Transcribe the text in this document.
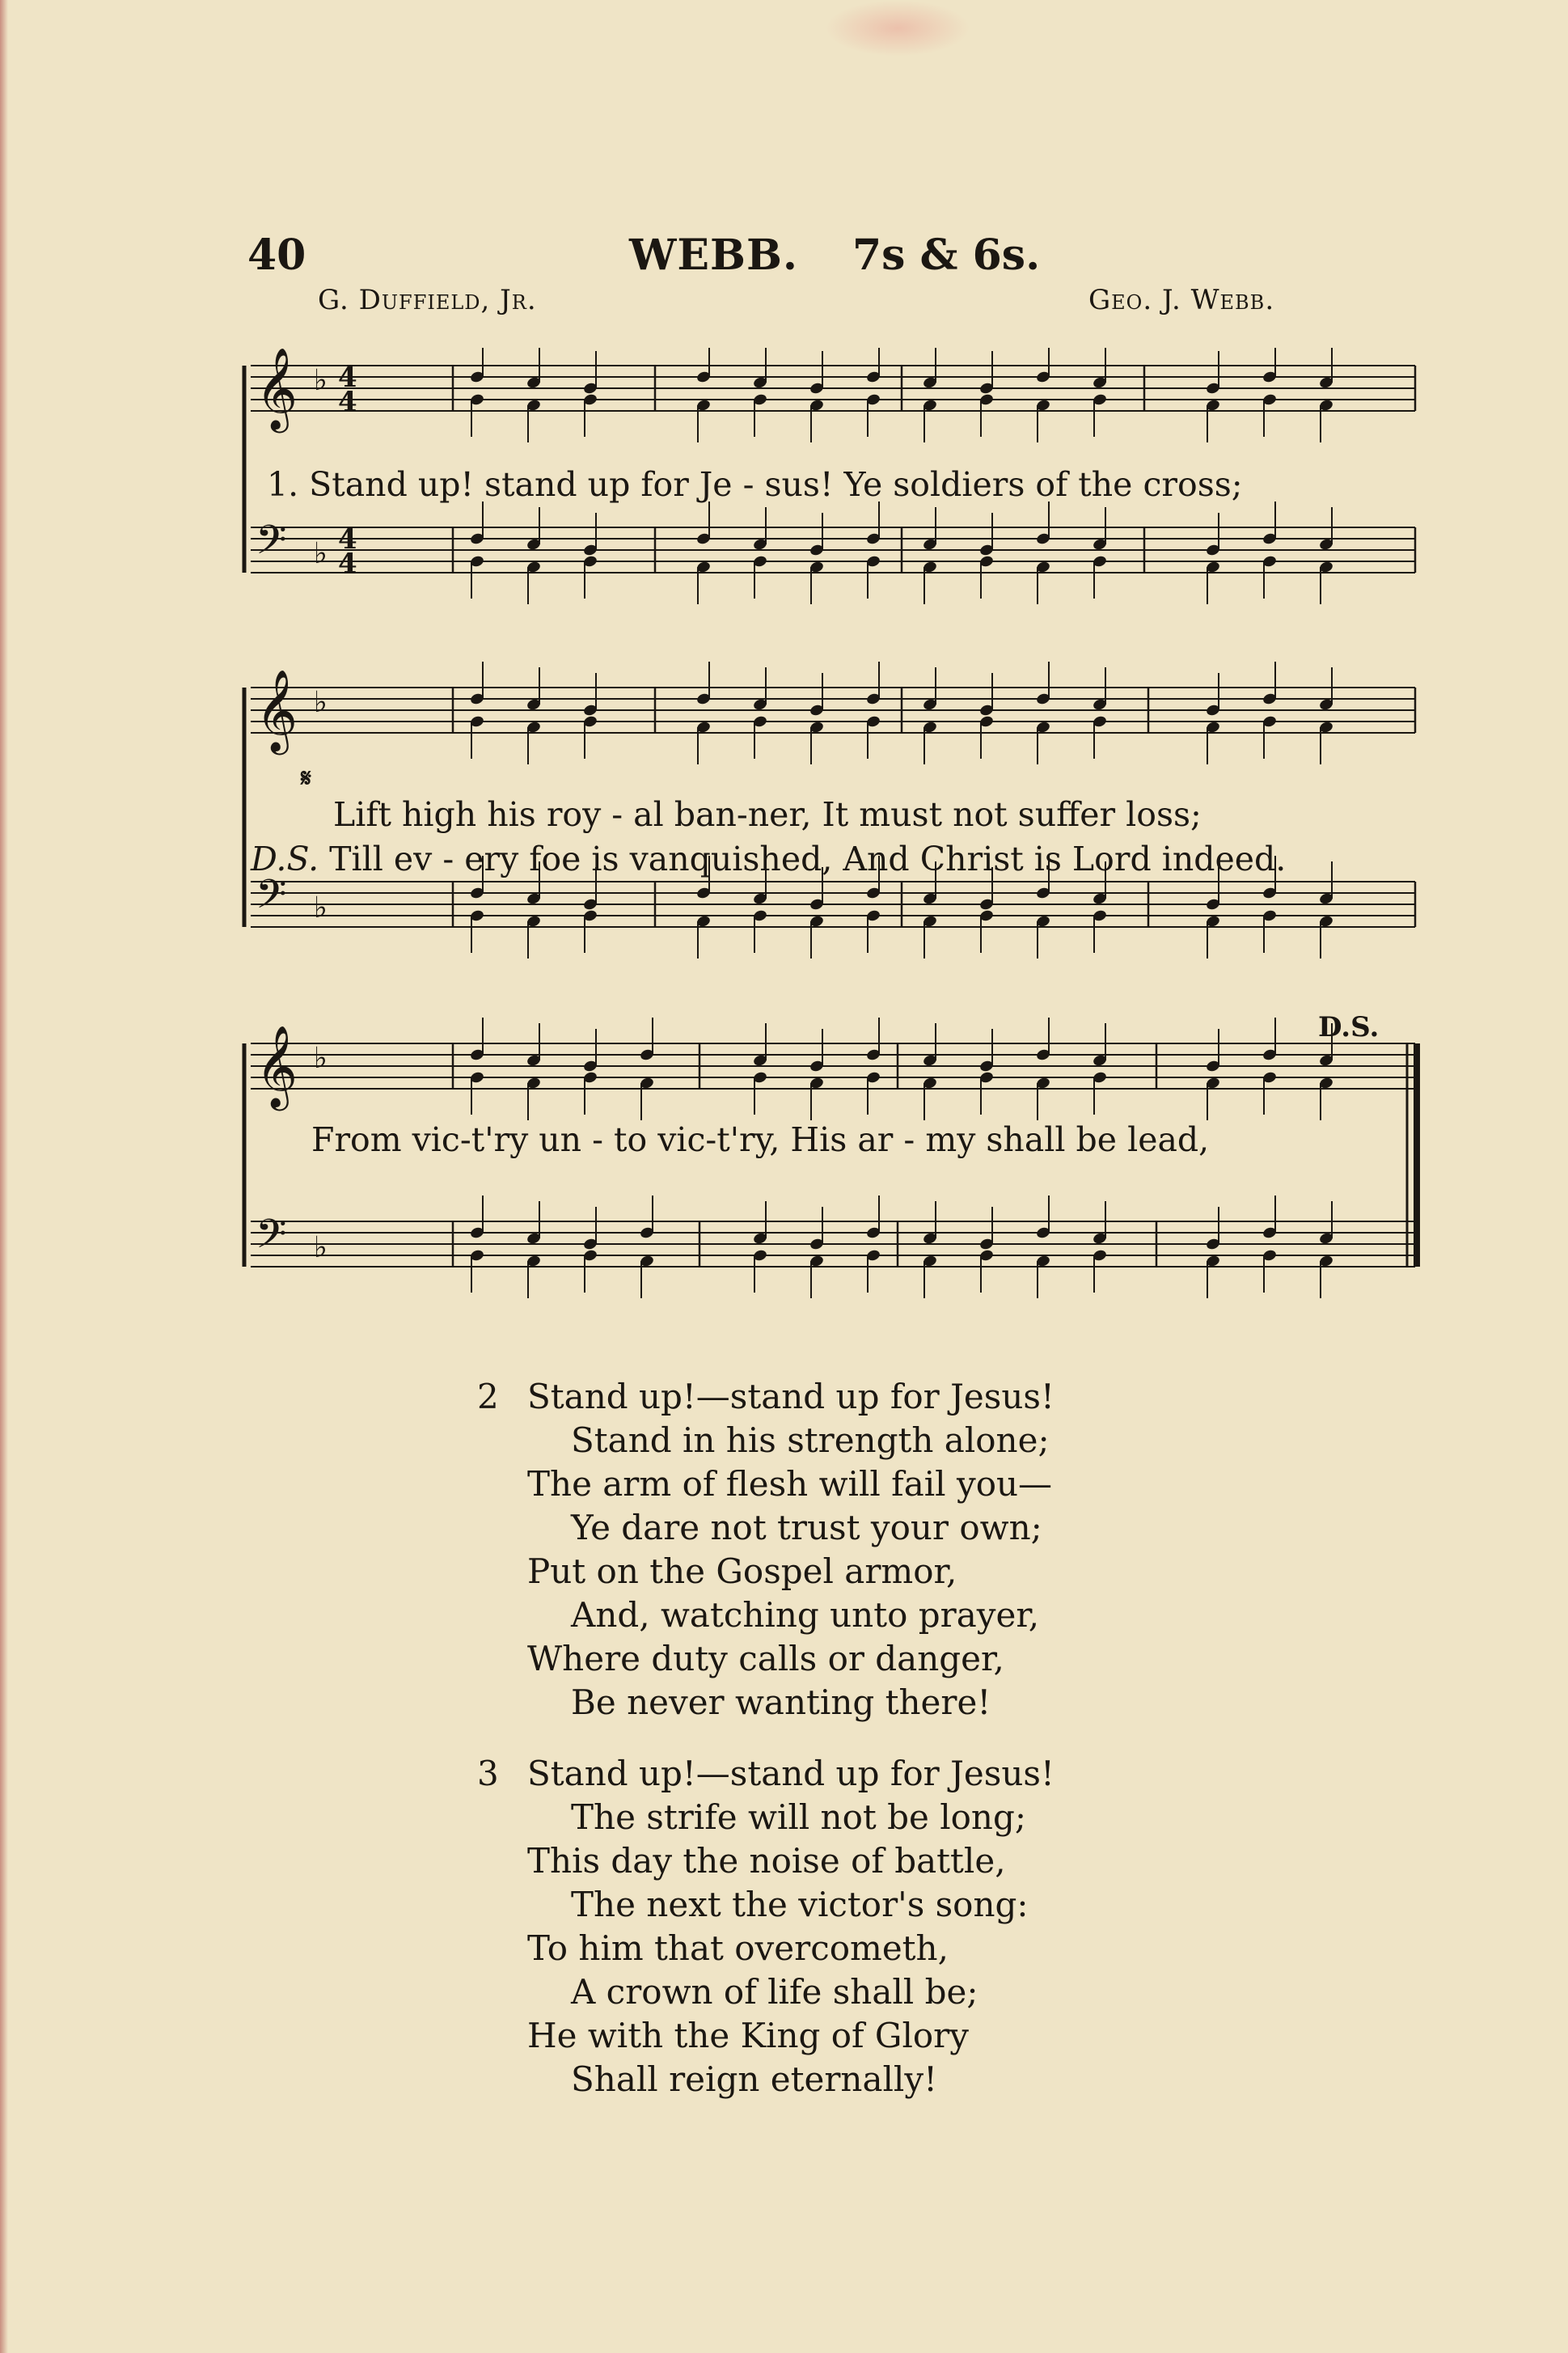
40	WEBB. 7s & 6s.
G. Duffield, Jr.	Geo. J. Webb.
𝄞 ♭
𝄢 ♭
𝄞 ♭
𝄢 ♭
𝄞 ♭
𝄢 ♭
4
4
4
4
1. Stand up! stand up for Je - sus! Ye soldiers of the cross;
𝄋
Lift high his roy - al ban-ner, It must not suffer loss;
D.S. Till ev - ery foe is vanquished, And Christ is Lord indeed.
D.S.
From vic-t'ry un - to vic-t'ry, His ar - my shall be lead,
2 Stand up!—stand up for Jesus!
Stand in his strength alone;
The arm of flesh will fail you—
Ye dare not trust your own;
Put on the Gospel armor,
And, watching unto prayer,
Where duty calls or danger,
Be never wanting there!
3 Stand up!—stand up for Jesus!
The strife will not be long;
This day the noise of battle,
The next the victor's song:
To him that overcometh,
A crown of life shall be;
He with the King of Glory
Shall reign eternally!
